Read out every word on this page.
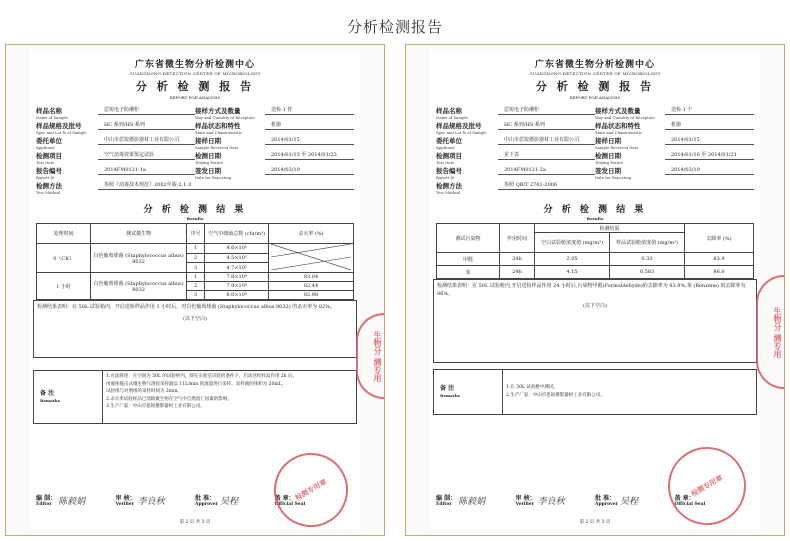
分析检测报告
广东省微生物分析检测中心
GUANGDONG DETECTION CENTER OF MICROBIOLOGY
分 析 检 测 报 告
REPORT FOR ANALYSIS
样品名称
Name of Sample
思锐电子防潮柜	接样方式及数量
Way and Quantity of Reception
送检 1 件
样品规格及批号
Spec and Lot № of Sample
HC 系列/HS 系列	样品状态和特性
State and Characteristic
机器
委托单位
Applicant
中山市思锐摄影器材工业有限公司	接样日期
Sample Received Date
2014/01/15
检测项目
Test Item
空气消毒效果鉴定试验	检测日期
Testing Period
2014/01/15 至 2014/01/23
报告编号
Report №
2014FM0121-1a	签发日期
Date for Reporting
2014/02/10
检测方法
Test Method
参照《消毒技术规范》2002年版-2.1.3
分 析 检 测 结 果
Results
处理时间	测试微生物	序号	空气中细菌总数 (cfu/m³)	杀灭率 (%)
0（CK）	白色葡萄球菌 (Staphylococcus albus) 8032	1	4.6×10⁵	
		2	4.5×10⁵	
		3	4.7×10⁵	
1 小时	白色葡萄球菌 (Staphylococcus albus) 8032	1	7.8×10⁴	83.04
		2	7.9×10⁴	82.44
		3	8.0×10⁴	82.98
检测结果表明：在 50L 试验箱内，开启送检样品作用 1 小时后，对白色葡萄球菌 (Staphylococcus albus 8032) 的杀灭率为 82%。
(以下空白)
备 注
Remarks
1.方法简述：在空间为 50L 的试验柜内，即在实验室试验的条件下，启动送检样品作用 2h 后。
用液体撞击式微生物气溶胶采样器以 11L/min 的流量进行采样。采样液的体积为 20mL，
试验组与对照组的采样时间为 2min。
2.杀灭率试验样品已消除微生物在空气中自然消亡因素的影响。
3.生产厂家：中山市思锐摄影器材工业有限公司。
编 制：
Editor 陈毅娟	审 核：
Verifier 李良秋	批 准：
Approver 吴程	盖 章：
Official Seal
第 2 页 共 3 页
检测专用章
生物分 测专用
广东省微生物分析检测中心
GUANGDONG DETECTION CENTER OF MICROBIOLOGY
分 析 检 测 报 告
REPORT FOR ANALYSIS
样品名称
Name of Sample
思锐电子防潮柜	接样方式及数量
Way and Quantity of Reception
送检 1 个
样品规格及批号
Spec and Lot № of Sample
HC 系列/HS 系列	样品状态和特性
State and Characteristic
机器
委托单位
Applicant
中山市思锐摄影器材工业有限公司	接样日期
Sample Received Date
2014/01/15
检测项目
Test Item
见下表	检测日期
Testing Period
2014/01/16 至 2014/01/21
报告编号
Report №
2014FM0121-2a	签发日期
Date for Reporting
2014/02/10
检测方法
Test Method
参照 QB/T 2761-2006
分 析 检 测 结 果
Results
测试污染物	作用时间	检测结果		去除率 (%)
		空白试验舱浓度值 (mg/m³)	样品试验舱浓度值 (mg/m³)	
甲醛	24h	2.05	0.33	83.9
苯	24h	4.15	0.583	86.0
检测结果表明：在 50L 试验舱内,开启送检样品作用 24 小时后,污染物甲醛(Formaldehyde)的去除率为 83.9%,苯 (Benzene) 的去除率为 86%。
(以下空白)
备 注
Remarks
1.在 50L 试验舱中测试。
2.生产厂家：中山市思锐摄影器材工业有限公司。
编 制：
Editor 陈毅娟	审 核：
Verifier 李良秋	批 准：
Approver 吴程	盖 章：
Official Seal
第 2 页 共 3 页
检测专用章
生物分 测专用
